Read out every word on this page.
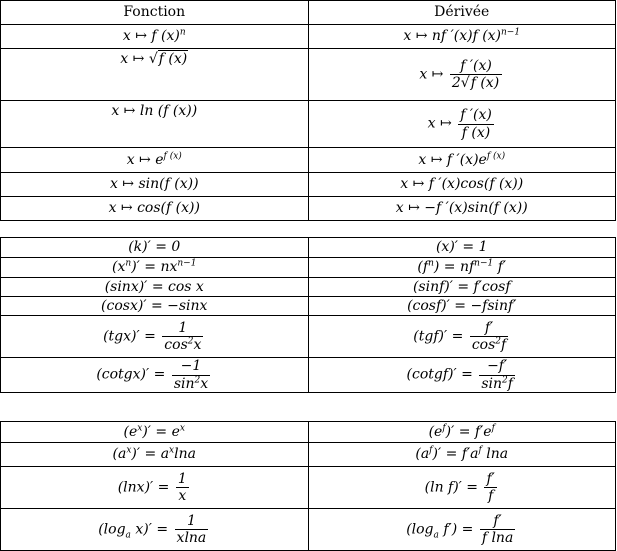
Fonction	Dérivée
x ↦ f $(x)^n$	x ↦ nf ′(x)f $(x)^{n-1}$
x ↦ √f (x)	x ↦ $\frac{f '(x)}{2√f (x)}$

x ↦ ln (f (x))	x ↦ $\frac{f '(x)}{f (x)}$

x ↦ $e^{f (x)}$	x ↦ f $'(x)e^{f (x)}$
x ↦ sin(f (x))	x ↦ f ′(x)cos(f (x))
x ↦ cos(f (x))	x ↦ −f ′(x)sin(f (x))
(k)′ = 0	(x)′ = 1
$(x^n)' = nx^{n-1}$	$(f^n) = nf^{n-1}$ f′
(sinx)′ = cos x	(sinf)′ = f′cosf
(cosx)′ = −sinx	(cosf)′ = −fsinf′
$(tgx)' = \frac{1}{\cos^2x}$	$(tgf)' = \frac{f'}{\cos^2f}$

(cotgx)′ = $\frac{-1}{\sin^2x}$	(cotgf)′ = $\frac{-f'}{\sin^2f}$
$(e^x)' = e^x$	$(e^f)' = f'e^f$
$(a^x)' = a^x\ln a$	$(a^f)' = f'a^f$ lna
$(\ln x)' = \frac{1}{x}$	(ln $f)' = \frac{f'}{f}$

($\log_a$ $x)' = \frac{1}{xlna}$	($\log_a$ $f') = \frac{f'}{\text{f lna}}$
